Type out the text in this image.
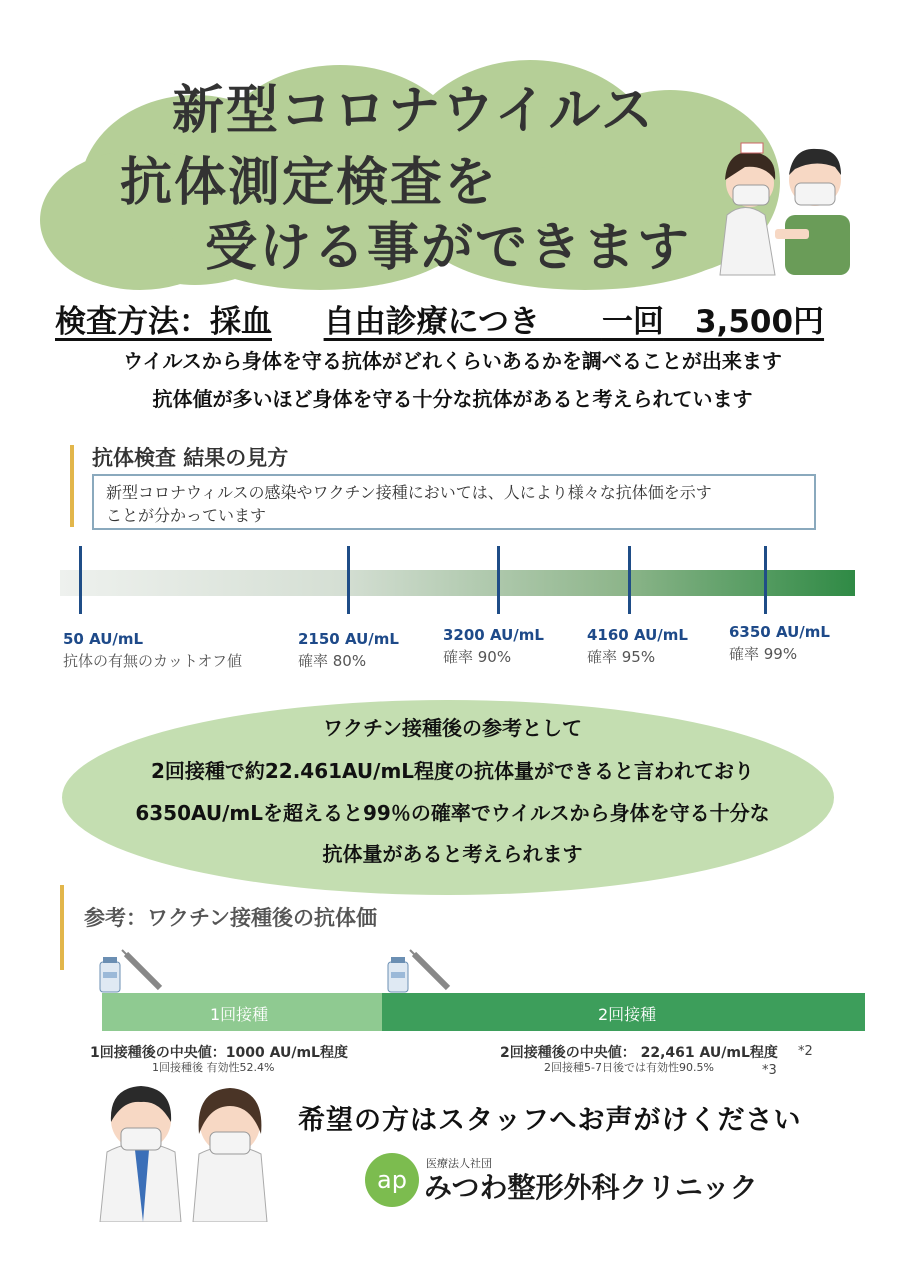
新型コロナウイルス
抗体測定検査を
受ける事ができます
検査方法：採血 自由診療につき　　 一回　 3,500円
ウイルスから身体を守る抗体がどれくらいあるかを調べることが出来ます
抗体値が多いほど身体を守る十分な抗体があると考えられています
抗体検査 結果の見方
新型コロナウィルスの感染やワクチン接種においては、人により様々な抗体価を示す
ことが分かっています
50 AU/mL
抗体の有無のカットオフ値
2150 AU/mL
確率 80%
3200 AU/mL
確率 90%
4160 AU/mL
確率 95%
6350 AU/mL
確率 99%
ワクチン接種後の参考として
2回接種で約22.461AU/mL程度の抗体量ができると言われており
6350AU/mLを超えると99％の確率でウイルスから身体を守る十分な
抗体量があると考えられます
参考：ワクチン接種後の抗体価
1回接種	2回接種
1回接種後の中央値：1000 AU/mL程度
1回接種後 有効性52.4%
2回接種後の中央値： 22,461 AU/mL程度 *2
2回接種5-7日後では有効性90.5%	*3
希望の方はスタッフへお声がけください
ap
医療法人社団
みつわ整形外科クリニック
